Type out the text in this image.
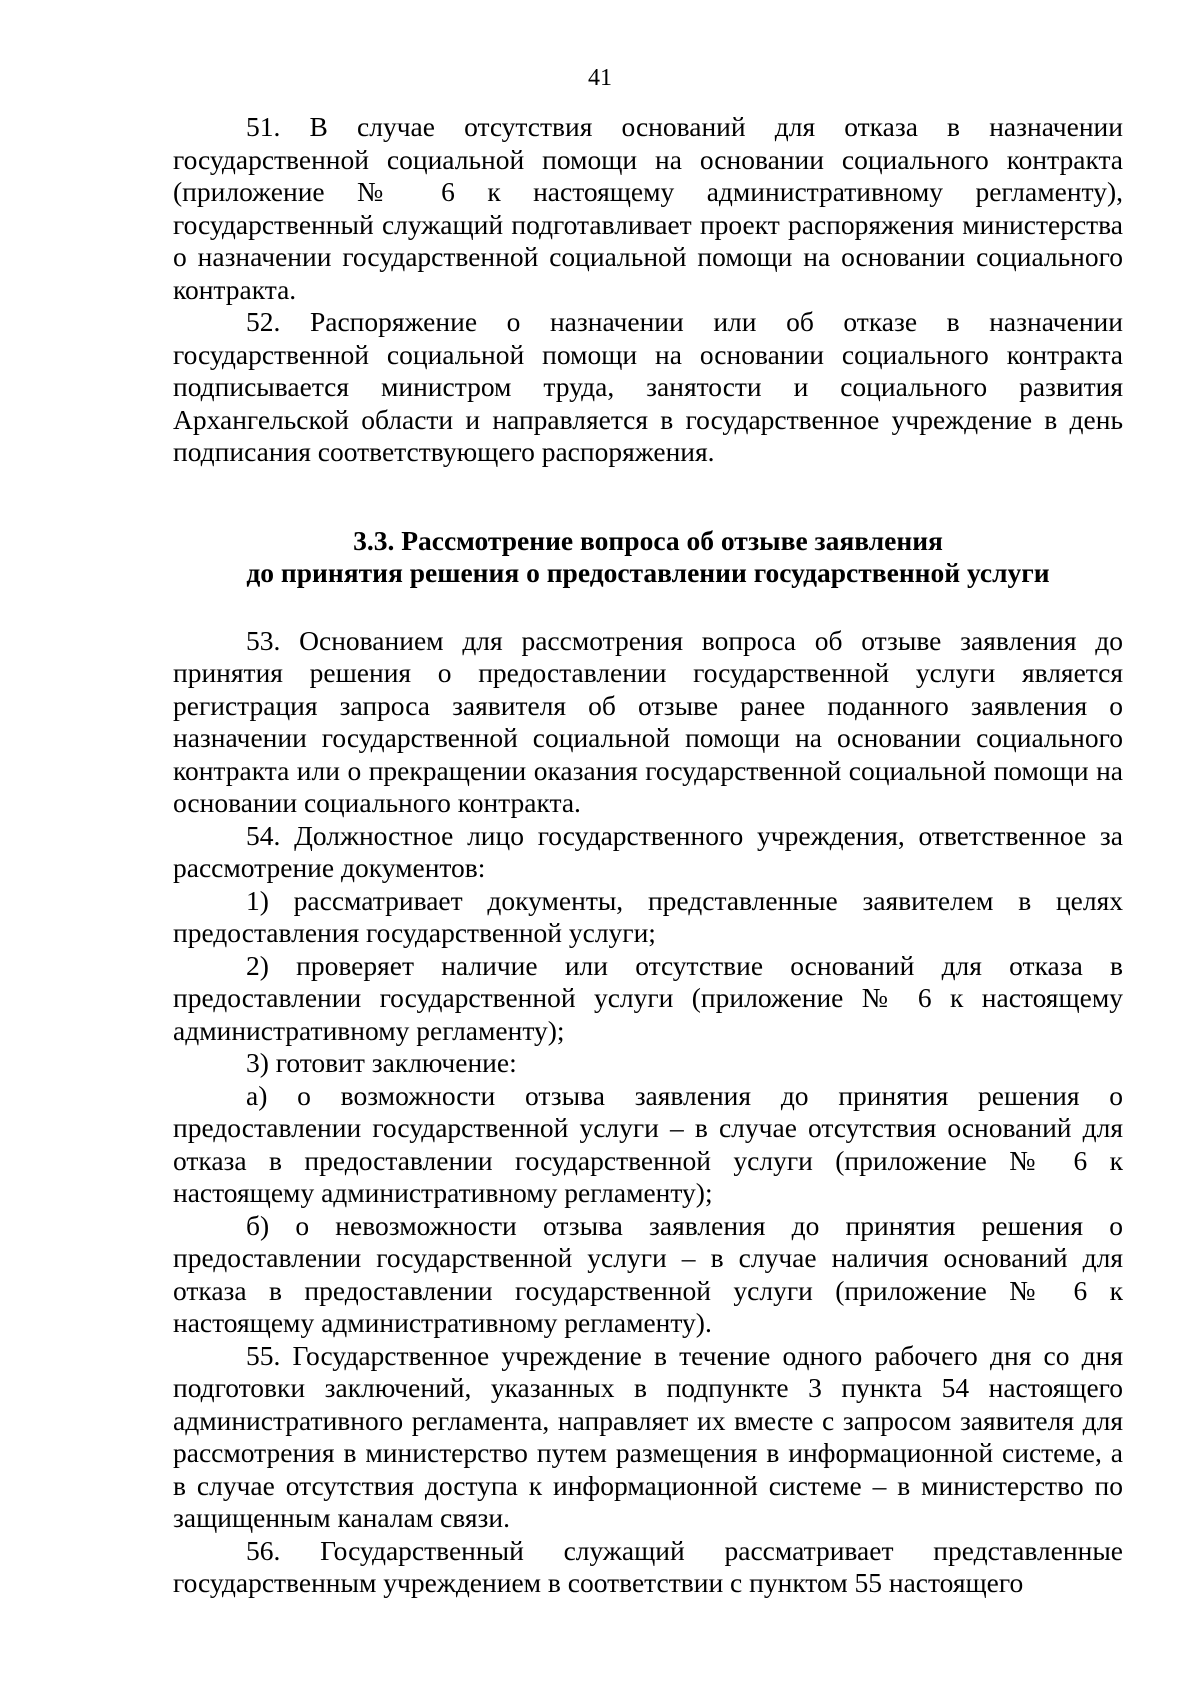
41

51. В случае отсутствия оснований для отказа в назначении государственной социальной помощи на основании социального контракта (приложение № 6 к настоящему административному регламенту), государственный служащий подготавливает проект распоряжения министерства о назначении государственной социальной помощи на основании социального контракта.

52. Распоряжение о назначении или об отказе в назначении государственной социальной помощи на основании социального контракта подписывается министром труда, занятости и социального развития Архангельской области и направляется в государственное учреждение в день подписания соответствующего распоряжения.

3.3. Рассмотрение вопроса об отзыве заявления
до принятия решения о предоставлении государственной услуги

53. Основанием для рассмотрения вопроса об отзыве заявления до принятия решения о предоставлении государственной услуги является регистрация запроса заявителя об отзыве ранее поданного заявления о назначении государственной социальной помощи на основании социального контракта или о прекращении оказания государственной социальной помощи на основании социального контракта.

54. Должностное лицо государственного учреждения, ответственное за рассмотрение документов:

1) рассматривает документы, представленные заявителем в целях предоставления государственной услуги;

2) проверяет наличие или отсутствие оснований для отказа в предоставлении государственной услуги (приложение № 6 к настоящему административному регламенту);

3) готовит заключение:

а) о возможности отзыва заявления до принятия решения о предоставлении государственной услуги – в случае отсутствия оснований для отказа в предоставлении государственной услуги (приложение № 6 к настоящему административному регламенту);

б) о невозможности отзыва заявления до принятия решения о предоставлении государственной услуги – в случае наличия оснований для отказа в предоставлении государственной услуги (приложение № 6 к настоящему административному регламенту).

55. Государственное учреждение в течение одного рабочего дня со дня подготовки заключений, указанных в подпункте 3 пункта 54 настоящего административного регламента, направляет их вместе с запросом заявителя для рассмотрения в министерство путем размещения в информационной системе, а в случае отсутствия доступа к информационной системе – в министерство по защищенным каналам связи.

56. Государственный служащий рассматривает представленные государственным учреждением в соответствии с пунктом 55 настоящего
